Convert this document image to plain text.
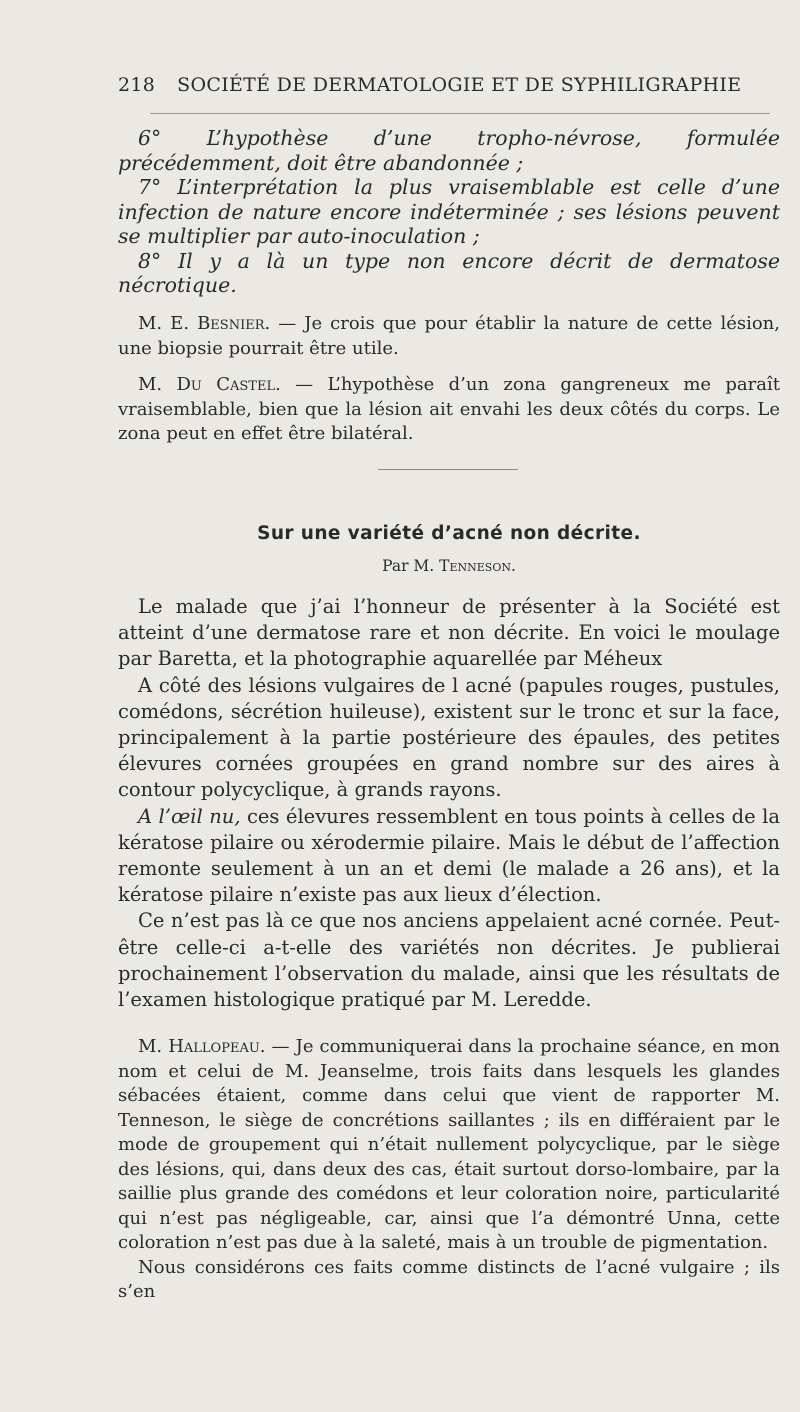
218 SOCIÉTÉ DE DERMATOLOGIE ET DE SYPHILIGRAPHIE

6° L’hypothèse d’une tropho-névrose, formulée précédemment, doit être abandonnée ;

7° L’interprétation la plus vraisemblable est celle d’une infection de nature encore indéterminée ; ses lésions peuvent se multiplier par auto-inoculation ;

8° Il y a là un type non encore décrit de dermatose nécrotique.

M. E. Besnier. — Je crois que pour établir la nature de cette lésion, une biopsie pourrait être utile.

M. Du Castel. — L’hypothèse d’un zona gangreneux me paraît vraisemblable, bien que la lésion ait envahi les deux côtés du corps. Le zona peut en effet être bilatéral.

Sur une variété d’acné non décrite.
Par M. Tenneson.

Le malade que j’ai l’honneur de présenter à la Société est atteint d’une dermatose rare et non décrite. En voici le moulage par Baretta, et la photographie aquarellée par Méheux

A côté des lésions vulgaires de l acné (papules rouges, pustules, comédons, sécrétion huileuse), existent sur le tronc et sur la face, principalement à la partie postérieure des épaules, des petites élevures cornées groupées en grand nombre sur des aires à contour polycyclique, à grands rayons.

A l’œil nu, ces élevures ressemblent en tous points à celles de la kératose pilaire ou xérodermie pilaire. Mais le début de l’affection remonte seulement à un an et demi (le malade a 26 ans), et la kératose pilaire n’existe pas aux lieux d’élection.

Ce n’est pas là ce que nos anciens appelaient acné cornée. Peut-être celle-ci a-t-elle des variétés non décrites. Je publierai prochainement l’observation du malade, ainsi que les résultats de l’examen histologique pratiqué par M. Leredde.

M. Hallopeau. — Je communiquerai dans la prochaine séance, en mon nom et celui de M. Jeanselme, trois faits dans lesquels les glandes sébacées étaient, comme dans celui que vient de rapporter M. Tenneson, le siège de concrétions saillantes ; ils en différaient par le mode de groupement qui n’était nullement polycyclique, par le siège des lésions, qui, dans deux des cas, était surtout dorso-lombaire, par la saillie plus grande des comédons et leur coloration noire, particularité qui n’est pas négligeable, car, ainsi que l’a démontré Unna, cette coloration n’est pas due à la saleté, mais à un trouble de pigmentation.

Nous considérons ces faits comme distincts de l’acné vulgaire ; ils s’en
